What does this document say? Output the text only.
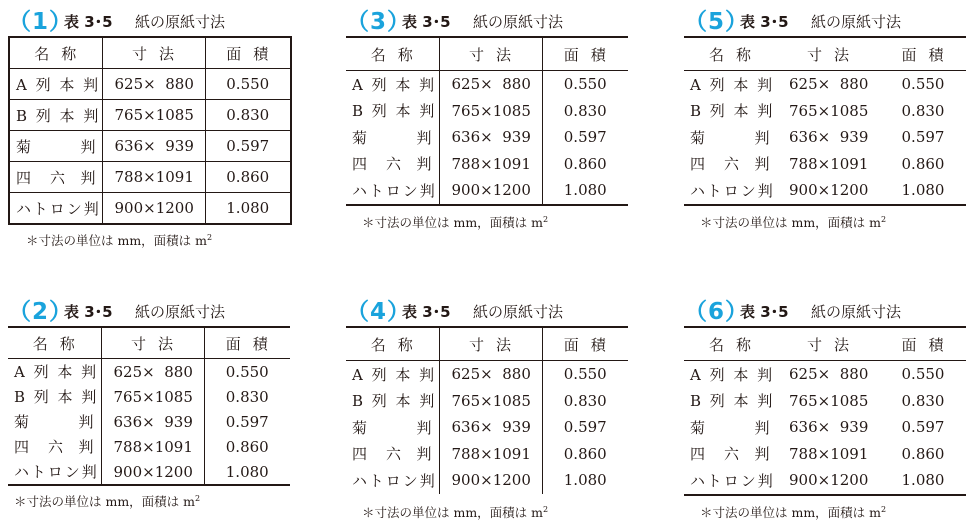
（1）
表 3･5 紙の原紙寸法
名称	寸法	面積
A 列 本 判	625×  880	0.550
B 列 本 判	765×1085	0.830
菊　　  判	636×  939	0.597
四　六  判	788×1091	0.860
ハトロン判	900×1200	1.080
＊寸法の単位は mm，面積は $m^2$
（2）
表 3･5 紙の原紙寸法
名称	寸法	面積
A 列 本 判	625×  880	0.550
B 列 本 判	765×1085	0.830
菊　　  判	636×  939	0.597
四　六  判	788×1091	0.860
ハトロン判	900×1200	1.080
＊寸法の単位は mm，面積は $m^2$
（3）
表 3･5 紙の原紙寸法
名称	寸法	面積
A 列 本 判	625×  880	0.550
B 列 本 判	765×1085	0.830
菊　　  判	636×  939	0.597
四　六  判	788×1091	0.860
ハトロン判	900×1200	1.080
＊寸法の単位は mm，面積は $m^2$
（4）
表 3･5 紙の原紙寸法
名称	寸法	面積
A 列 本 判	625×  880	0.550
B 列 本 判	765×1085	0.830
菊　　  判	636×  939	0.597
四　六  判	788×1091	0.860
ハトロン判	900×1200	1.080
＊寸法の単位は mm，面積は $m^2$
（5）
表 3･5 紙の原紙寸法
名称	寸法	面積
A 列 本 判	625×  880	0.550
B 列 本 判	765×1085	0.830
菊　　  判	636×  939	0.597
四　六  判	788×1091	0.860
ハトロン判	900×1200	1.080
＊寸法の単位は mm，面積は $m^2$
（6）
表 3･5 紙の原紙寸法
名称	寸法	面積
A 列 本 判	625×  880	0.550
B 列 本 判	765×1085	0.830
菊　　  判	636×  939	0.597
四　六  判	788×1091	0.860
ハトロン判	900×1200	1.080
＊寸法の単位は mm，面積は $m^2$
